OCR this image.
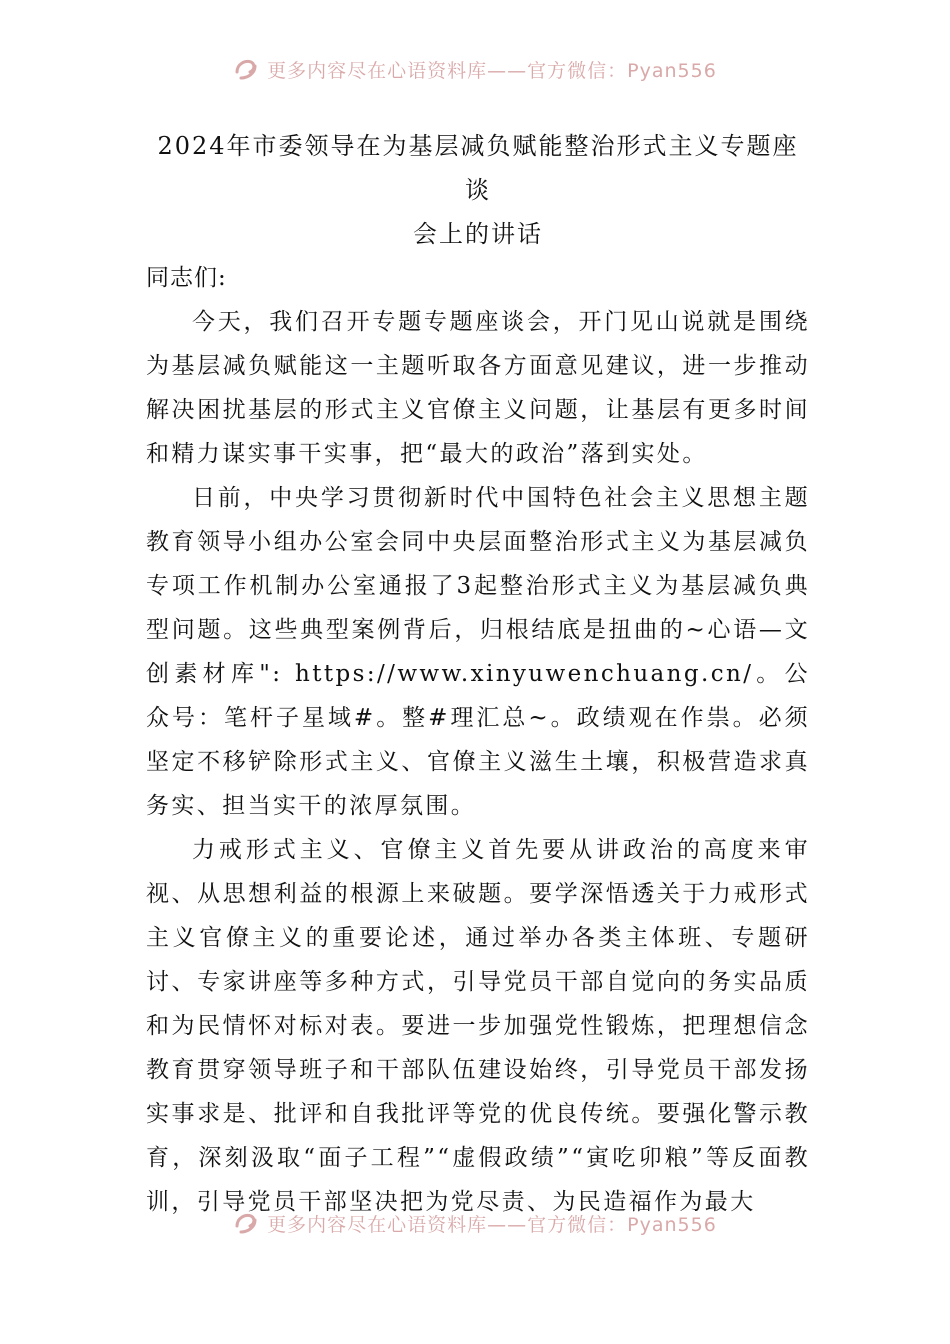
更多内容尽在心语资料库——官方微信：Pyan556
2024年市委领导在为基层减负赋能整治形式主义专题座谈
会上的讲话

同志们:

今天，我们召开专题专题座谈会，开门见山说就是围绕为基层减负赋能这一主题听取各方面意见建议，进一步推动解决困扰基层的形式主义官僚主义问题，让基层有更多时间和精力谋实事干实事，把“最大的政治”落到实处。

日前，中央学习贯彻新时代中国特色社会主义思想主题教育领导小组办公室会同中央层面整治形式主义为基层减负专项工作机制办公室通报了3起整治形式主义为基层减负典型问题。这些典型案例背后，归根结底是扭曲的~心语—文创素材库": https://www.xinyuwenchuang.cn/。公众号：笔杆子星域#。整#理汇总~。政绩观在作祟。必须坚定不移铲除形式主义、官僚主义滋生土壤，积极营造求真务实、担当实干的浓厚氛围。

力戒形式主义、官僚主义首先要从讲政治的高度来审视、从思想利益的根源上来破题。要学深悟透关于力戒形式主义官僚主义的重要论述，通过举办各类主体班、专题研讨、专家讲座等多种方式，引导党员干部自觉向的务实品质和为民情怀对标对表。要进一步加强党性锻炼，把理想信念教育贯穿领导班子和干部队伍建设始终，引导党员干部发扬实事求是、批评和自我批评等党的优良传统。要强化警示教育，深刻汲取“面子工程”“虚假政绩”“寅吃卯粮”等反面教训，引导党员干部坚决把为党尽责、为民造福作为最大

更多内容尽在心语资料库——官方微信：Pyan556
